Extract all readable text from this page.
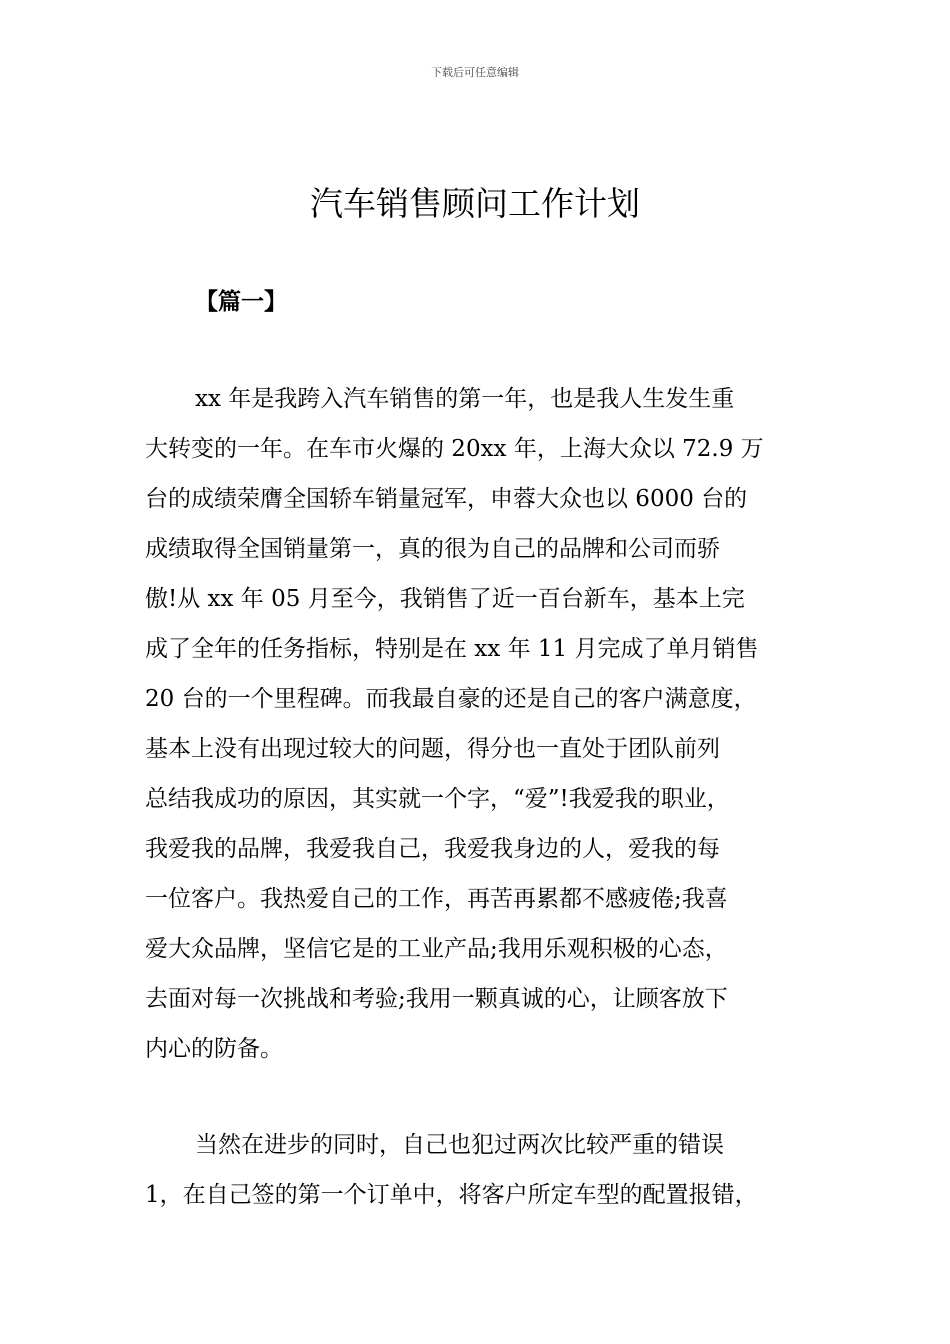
下载后可任意编辑
汽车销售顾问工作计划
【篇一】
xx 年是我跨入汽车销售的第一年，也是我人生发生重
大转变的一年。在车市火爆的 20xx 年，上海大众以 72.9 万
台的成绩荣膺全国轿车销量冠军，申蓉大众也以 6000 台的
成绩取得全国销量第一，真的很为自己的品牌和公司而骄
傲!从 xx 年 05 月至今，我销售了近一百台新车，基本上完
成了全年的任务指标，特别是在 xx 年 11 月完成了单月销售
20 台的一个里程碑。而我最自豪的还是自己的客户满意度，
基本上没有出现过较大的问题，得分也一直处于团队前列
总结我成功的原因，其实就一个字，“爱”!我爱我的职业，
我爱我的品牌，我爱我自己，我爱我身边的人，爱我的每
一位客户。我热爱自己的工作，再苦再累都不感疲倦;我喜
爱大众品牌，坚信它是的工业产品;我用乐观积极的心态，
去面对每一次挑战和考验;我用一颗真诚的心，让顾客放下
内心的防备。
当然在进步的同时，自己也犯过两次比较严重的错误
1，在自己签的第一个订单中，将客户所定车型的配置报错，
